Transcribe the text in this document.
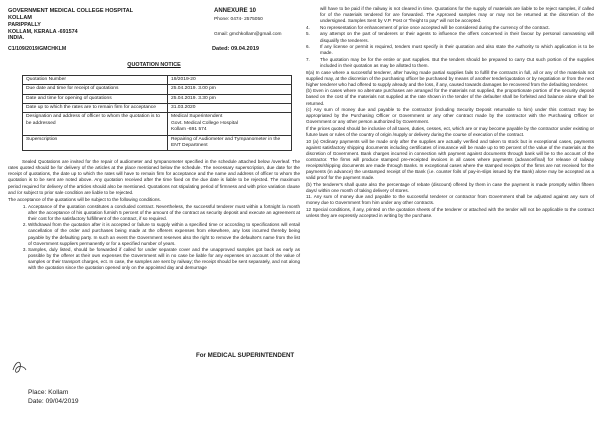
GOVERNMENT MEDICAL COLLEGE HOSPITAL
KOLLAM
PARIPPALLY
KOLLAM, KERALA -691574
INDIA.
ANNEXURE 10
Phone: 0474- 2575050
Gmail: gmchkollam@gmail.com
C1/109/2019/GMCHKLM	Dated: 09.04.2019
QUOTATION NOTICE
Quotation Number	19/2019-20
Due date and time for receipt of quotations	25.04.2019. 3.00 pm
Date and time for opening of quotations	25.04.2019. 3.30 pm
Date up to which the rates are to remain firm for acceptance	31.03.2020
Designation and address of officer to whom the quotation is to be addressed	Medical Superintendent
Govt. Medical College Hospital
Kollam -691 574
Superscription	Repairing of Audiometer and Tympanometer in the ENT Department
Sealed Quotations are invited for the repair of audiometer and tympanometer specified in the schedule attached below /overleaf. The rates quoted should be for delivery of the articles at the place mentioned below the schedule. The necessary superscription, due date for the receipt of quotations, the date up to which the rates will have to remain firm for acceptance and the name and address of officer to whom the quotation is to be sent are noted above. Any quotation received after the time fixed on the due date is liable to be rejected. The maximum period required for delivery of the articles should also be mentioned. Quotations not stipulating period of firmness and with price variation clause and /or subject to prior sale condition are liable to be rejected.
The acceptance of the quotations will be subject to the following conditions.
1. Acceptance of the quotation constitutes a concluded contract. Nevertheless, the successful tenderer must within a fortnight /a month after the acceptance of his quotation furnish 5 percent of the amount of the contract as security deposit and execute an agreement at their cost for the satisfactory fulfillment of the contract, if so required.
2. Withdrawal from the quotation after it is accepted or failure to supply within a specified time or according to specifications will entail cancellation of the order and purchases being made at the offerers expenses from elsewhere, any loss incurred thereby being payable by the defaulting party. In such an event the Government reserves also the right to remove the defaulter's name from the list of Government suppliers permanently or for a specified number of years.
3. Samples, duly listed, should be forwarded if called for under separate cover and the unapproved samples got back as early as possible by the offerer at their own expenses the Government will in no case be liable for any expenses on account of the value of samples or their transport charges, ect. In case, the samples are sent by railway; the receipt should be sent separately, and not along with the quotation since the quotation opened only on the appointed day and demurrage
will have to be paid if the railway is not cleared in time. Quotations for the supply of materials are liable to be reject samples, if called for of the materials tendered for are forwarded. The Approved samples may or may not be returned at the discretion of the undersigned. Samples Sent by V.P. Post or "freight to pay" will not be accepted.
4. No representation for enhancement of price once accepted will be considered during the currency of the contract.
5. any attempt on the part of tenderers or their agents to influence the offers concerned in their favour by personal canvassing will disqualify the tenderers.
6. If any license or permit is required, tenders must specify in their quotation and also state the Authority to which application is to be made.
7. The quotation may be for the entire or part supplies. But the tenders should be prepared to carry Out such portion of the supplies included in their quotation as may be allotted to them.
8(a) In case where a successful tenderer, after having made partial supplies fails to fulfill the contracts in full, all or any of the materials not supplied may, at the discretion of the purchasing officer be purchased by means of another tender/quotation or by negotiation or from the next higher tenderer who had offered to supply already and the loss, if any, caused towards damages be recovered from the defaulting tenderer.
(b) Even in cases where no alternate purchases are arranged for the materials not supplied, the proportionate portion of the security deposit based on the cost of the materials not supplied at the rate shown in the tender of the defaulter shall be forfeited and balance alone shall be returned.
(c) Any sum of money due and payable to the contractor (including Security Deposit returnable to him) under this contract may be appropriated by the Purchasing Officer or Government or any other contract made by the contractor with the Purchasing Officer or Government or any other person authorized by Government.
If the prices quoted should be inclusive of all taxes, duties, cesses, ect, which are or may become payable by the contractor under existing or future laws or rules of the country of origin /supply or delivery during the course of execution of the contract.
10 (a) Ordinary payments will be made only after the supplies are actually verified and taken to stock but in exceptional cases, payments against satisfactory shipping documents including certificates of insurance will be made up to 90 percent of the value of the materials at the discretion of Government. Bank charges incurred in connection with payment against documents through bank will be to the account of the contractor. The firms will produce stamped pre-receipted invoices in all cases where payments (advance/final) for release of railway receipts/shipping documents are made through Banks. In exceptional cases where the stamped receipts of the firms are not received for the payments (in advance) the unstamped receipt of the Bank (i.e. counter foils of pay-in-slips issued by the Bank) alone may be accepted as a valid proof for the payment made.
(b) The tenderer's shall quote also the percentage of rebate (discount) offered by them in case the payment is made promptly within fifteen days/ within one month of taking delivery of stores.
11. Any sum of money due and payable to the successful tenderer or contractor from Government shall be adjusted against any sum of money due to Government from him under any other contracts.
12 Special conditions, if any, printed on the quotation sheets of the tenderer or attached with the tender will not be applicable to the contract unless they are expressly accepted in writing by the purchase.
For MEDICAL SUPERINTENDENT
Place: Kollam
Date: 09/04/2019
